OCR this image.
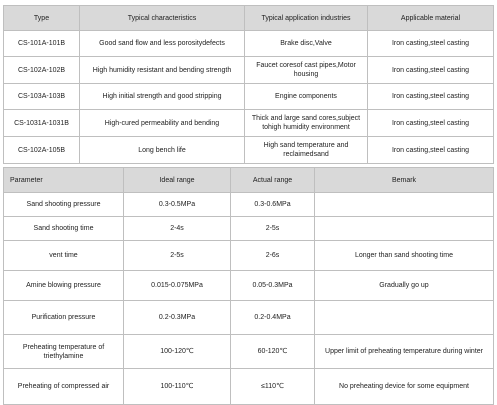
Type	Typical characteristics	Typical application industries	Applicable material
CS-101A-101B	Good sand flow and less porositydefects	Brake disc,Valve	Iron casting,steel casting
CS-102A-102B	High humidity resistant and bending strength	Faucet coresof cast pipes,Motor housing	Iron casting,steel casting
CS-103A-103B	High initial strength and good stripping	Engine components	Iron casting,steel casting
CS-1031A-1031B	High-cured permeability and bending	Thick and large sand cores,subject tohigh humidity environment	Iron casting,steel casting
CS-102A-105B	Long bench life	High sand temperature and reclaimedsand	Iron casting,steel casting
Parameter	Ideal range	Actual range	Bemark
Sand shooting pressure	0.3-0.5MPa	0.3-0.6MPa	
Sand shooting time	2-4s	2-5s	
vent time	2-5s	2-6s	Longer than sand shooting time
Amine blowing pressure	0.015-0.075MPa	0.05-0.3MPa	Gradually go up
Purification pressure	0.2-0.3MPa	0.2-0.4MPa	
Preheating temperature of triethylamine	100-120℃	60-120℃	Upper limit of preheating temperature during winter
Preheating of compressed air	100-110℃	≤110℃	No preheating device for some equipment
